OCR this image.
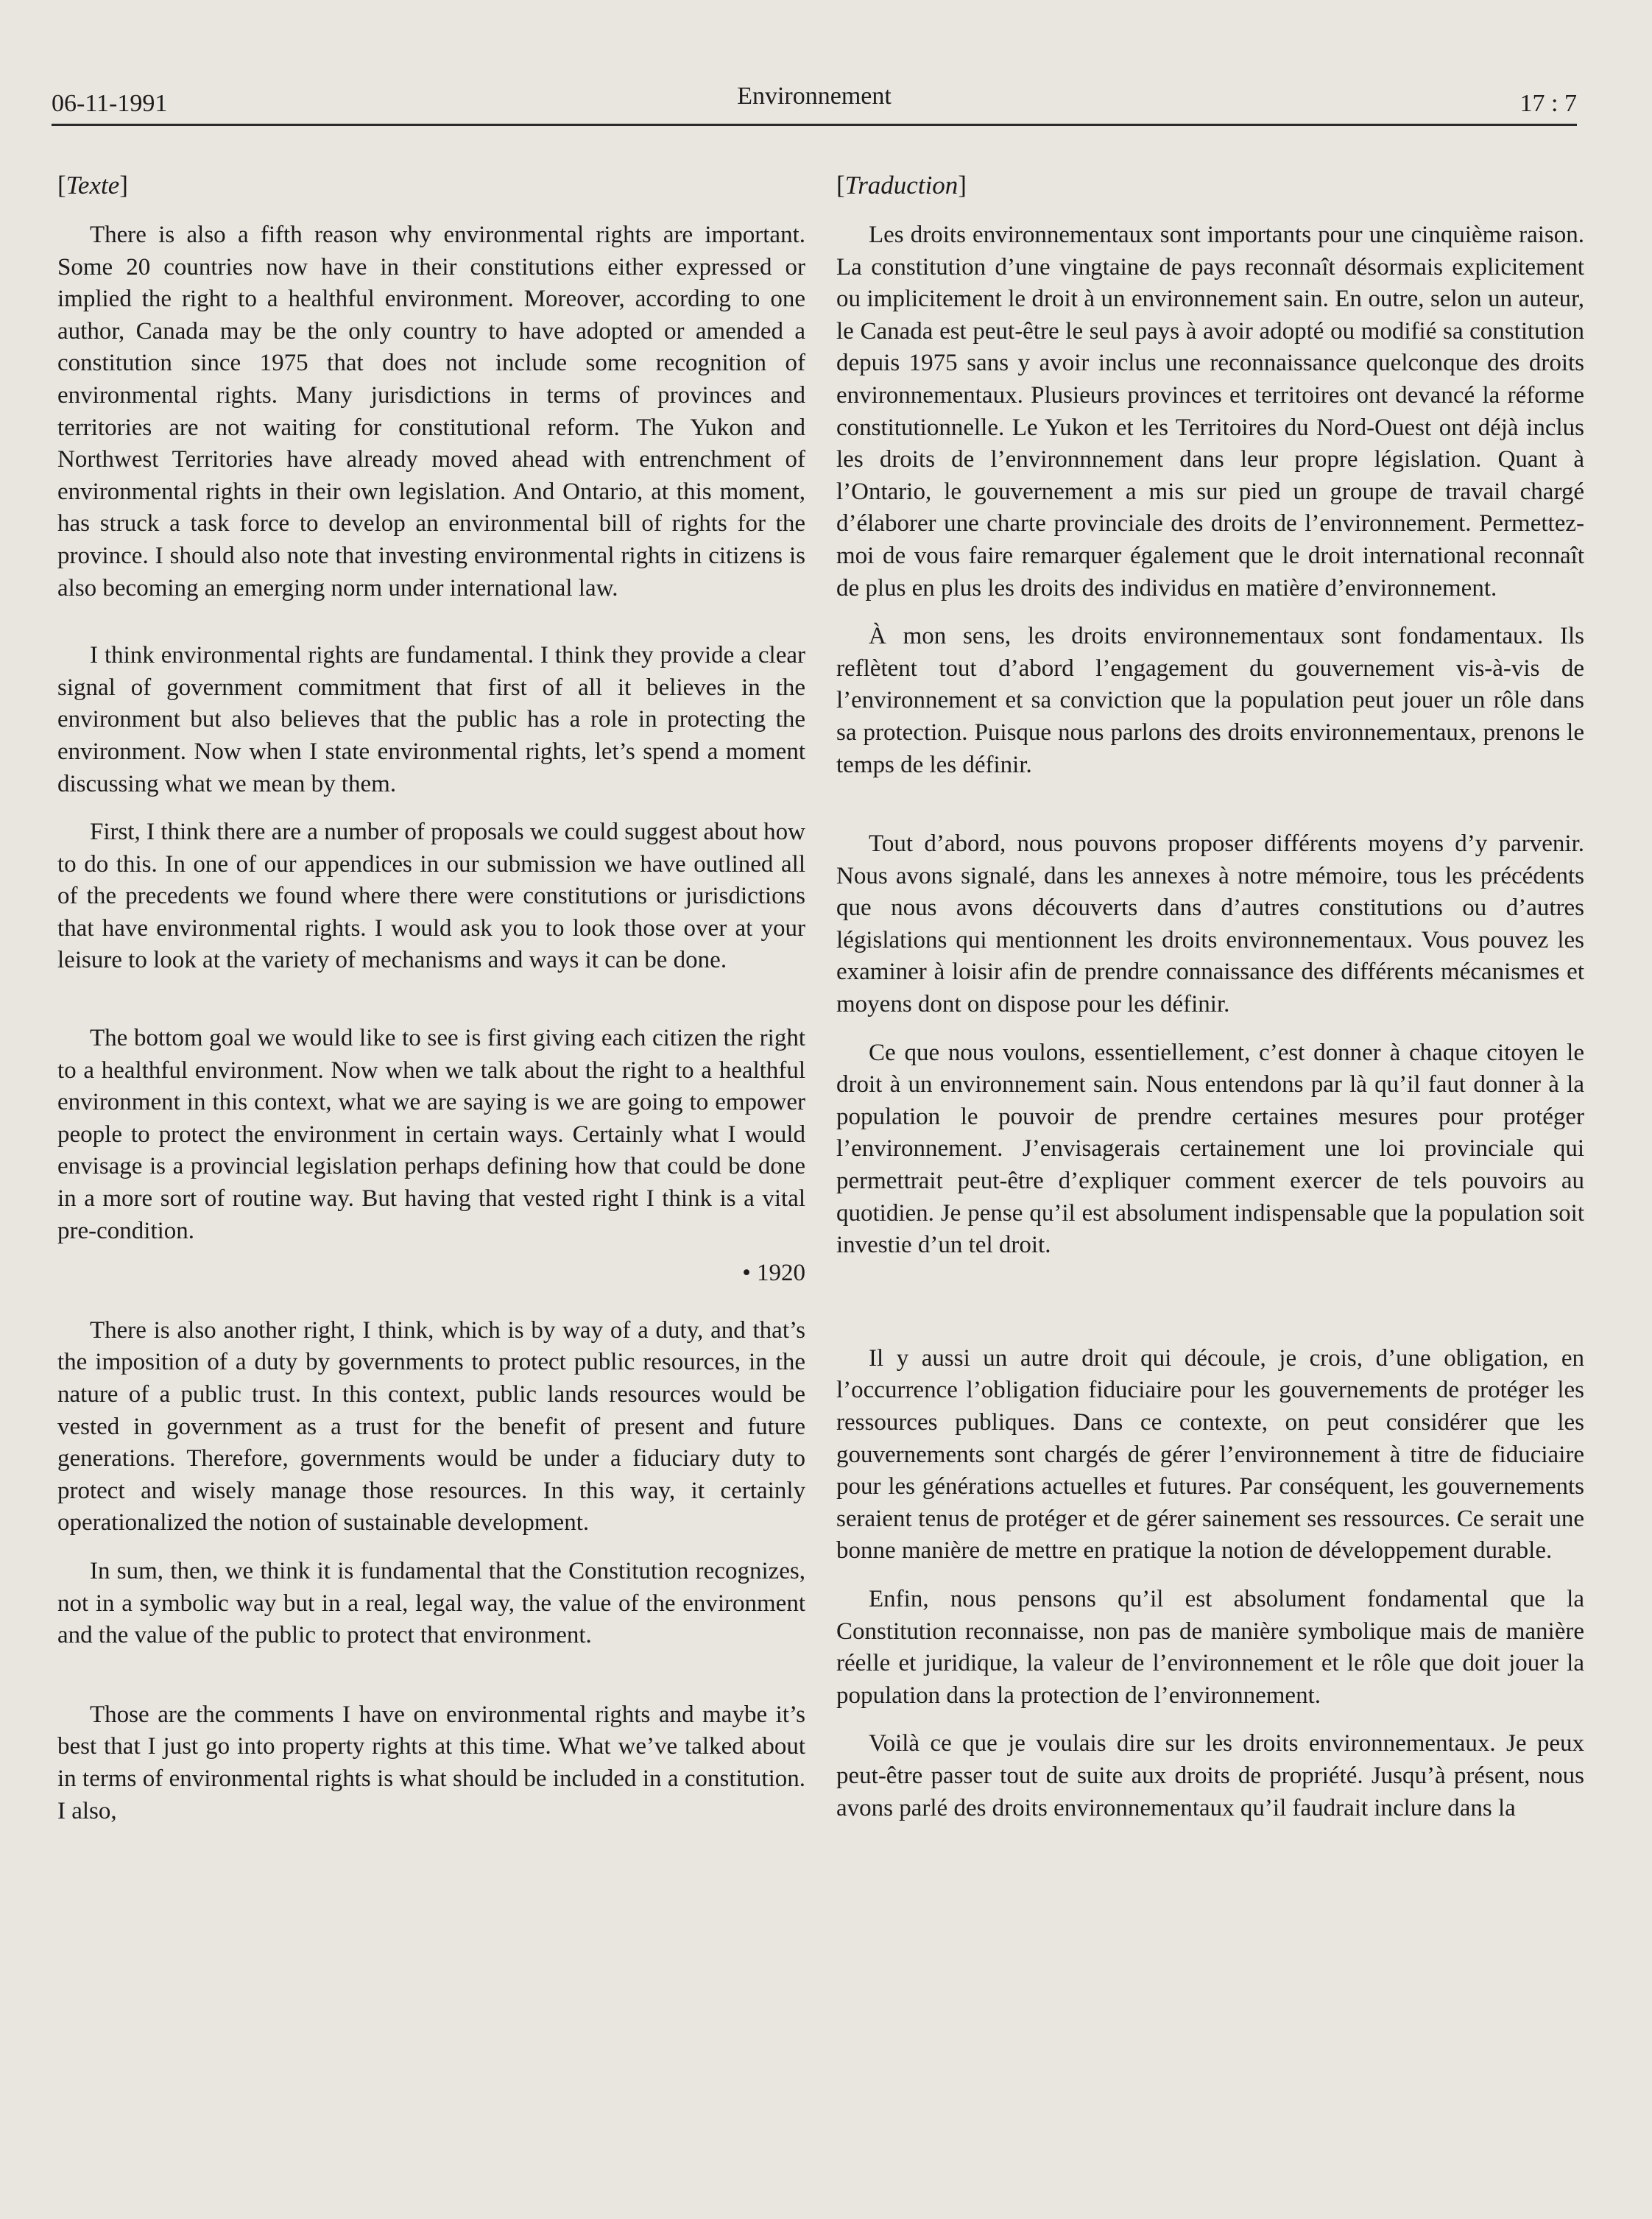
06-11-1991	Environnement	17 : 7
[Texte]

There is also a fifth reason why environmental rights are important. Some 20 countries now have in their constitutions either expressed or implied the right to a healthful environment. Moreover, according to one author, Canada may be the only country to have adopted or amended a constitution since 1975 that does not include some recognition of environmental rights. Many jurisdictions in terms of provinces and territories are not waiting for constitutional reform. The Yukon and Northwest Territories have already moved ahead with entrenchment of environmental rights in their own legislation. And Ontario, at this moment, has struck a task force to develop an environmental bill of rights for the province. I should also note that investing environmental rights in citizens is also becoming an emerging norm under international law.

I think environmental rights are fundamental. I think they provide a clear signal of government commitment that first of all it believes in the environment but also believes that the public has a role in protecting the environment. Now when I state environmental rights, let’s spend a moment discussing what we mean by them.

First, I think there are a number of proposals we could suggest about how to do this. In one of our appendices in our submission we have outlined all of the precedents we found where there were constitutions or jurisdictions that have environmental rights. I would ask you to look those over at your leisure to look at the variety of mechanisms and ways it can be done.

The bottom goal we would like to see is first giving each citizen the right to a healthful environment. Now when we talk about the right to a healthful environment in this context, what we are saying is we are going to empower people to protect the environment in certain ways. Certainly what I would envisage is a provincial legislation perhaps defining how that could be done in a more sort of routine way. But having that vested right I think is a vital pre-condition.

• 1920

There is also another right, I think, which is by way of a duty, and that’s the imposition of a duty by governments to protect public resources, in the nature of a public trust. In this context, public lands resources would be vested in government as a trust for the benefit of present and future generations. Therefore, governments would be under a fiduciary duty to protect and wisely manage those resources. In this way, it certainly operationalized the notion of sustainable development.

In sum, then, we think it is fundamental that the Constitution recognizes, not in a symbolic way but in a real, legal way, the value of the environment and the value of the public to protect that environment.

Those are the comments I have on environmental rights and maybe it’s best that I just go into property rights at this time. What we’ve talked about in terms of environmental rights is what should be included in a constitution. I also,

[Traduction]

Les droits environnementaux sont importants pour une cinquième raison. La constitution d’une vingtaine de pays reconnaît désormais explicitement ou implicitement le droit à un environnement sain. En outre, selon un auteur, le Canada est peut-être le seul pays à avoir adopté ou modifié sa constitution depuis 1975 sans y avoir inclus une reconnaissance quelconque des droits environnementaux. Plusieurs provinces et territoires ont devancé la réforme constitutionnelle. Le Yukon et les Territoires du Nord-Ouest ont déjà inclus les droits de l’environnnement dans leur propre législation. Quant à l’Ontario, le gouvernement a mis sur pied un groupe de travail chargé d’élaborer une charte provinciale des droits de l’environnement. Permettez-moi de vous faire remarquer également que le droit international reconnaît de plus en plus les droits des individus en matière d’environnement.

À mon sens, les droits environnementaux sont fondamentaux. Ils reflètent tout d’abord l’engagement du gouvernement vis-à-vis de l’environnement et sa conviction que la population peut jouer un rôle dans sa protection. Puisque nous parlons des droits environnementaux, prenons le temps de les définir.

Tout d’abord, nous pouvons proposer différents moyens d’y parvenir. Nous avons signalé, dans les annexes à notre mémoire, tous les précédents que nous avons découverts dans d’autres constitutions ou d’autres législations qui mentionnent les droits environnementaux. Vous pouvez les examiner à loisir afin de prendre connaissance des différents mécanismes et moyens dont on dispose pour les définir.

Ce que nous voulons, essentiellement, c’est donner à chaque citoyen le droit à un environnement sain. Nous entendons par là qu’il faut donner à la population le pouvoir de prendre certaines mesures pour protéger l’environnement. J’envisagerais certainement une loi provinciale qui permettrait peut-être d’expliquer comment exercer de tels pouvoirs au quotidien. Je pense qu’il est absolument indispensable que la population soit investie d’un tel droit.

Il y aussi un autre droit qui découle, je crois, d’une obligation, en l’occurrence l’obligation fiduciaire pour les gouvernements de protéger les ressources publiques. Dans ce contexte, on peut considérer que les gouvernements sont chargés de gérer l’environnement à titre de fiduciaire pour les générations actuelles et futures. Par conséquent, les gouvernements seraient tenus de protéger et de gérer sainement ses ressources. Ce serait une bonne manière de mettre en pratique la notion de développement durable.

Enfin, nous pensons qu’il est absolument fondamental que la Constitution reconnaisse, non pas de manière symbolique mais de manière réelle et juridique, la valeur de l’environnement et le rôle que doit jouer la population dans la protection de l’environnement.

Voilà ce que je voulais dire sur les droits environnementaux. Je peux peut-être passer tout de suite aux droits de propriété. Jusqu’à présent, nous avons parlé des droits environnementaux qu’il faudrait inclure dans la
